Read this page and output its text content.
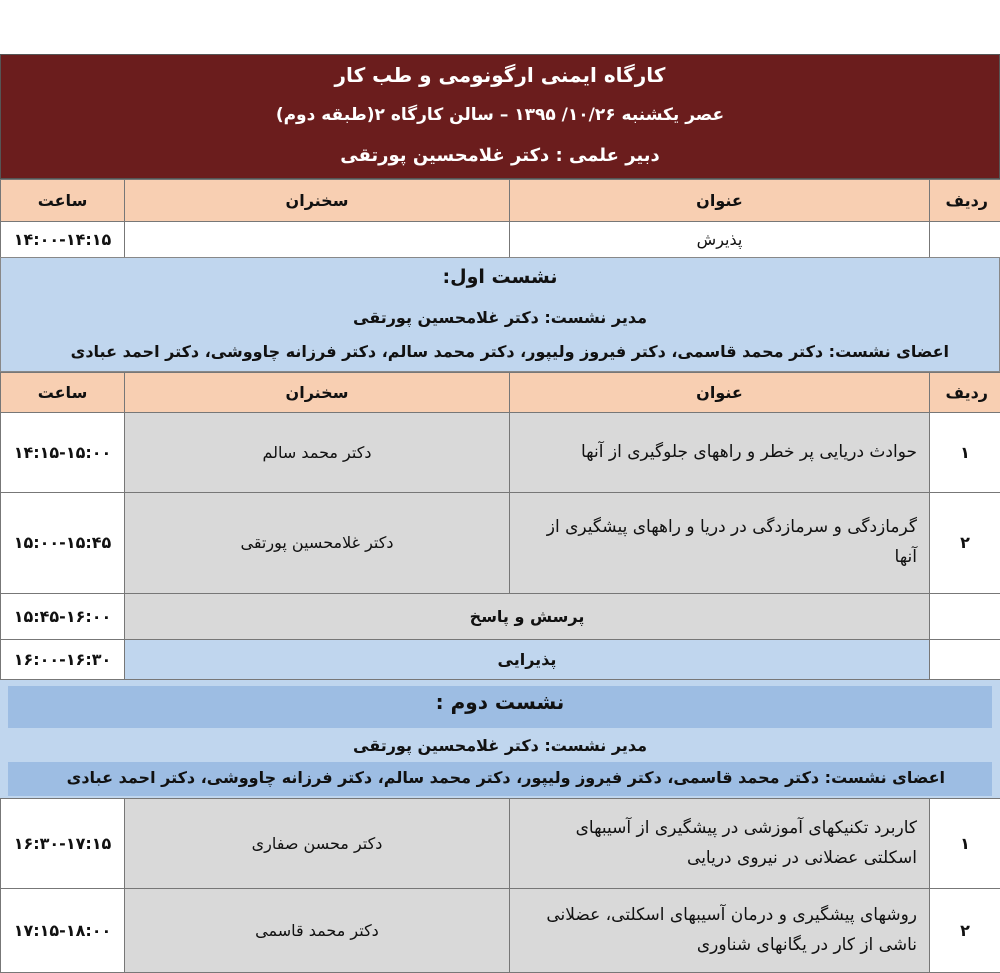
کارگاه ایمنی ارگونومی و طب کار
عصر یکشنبه ۱۰/۲۶/ ۱۳۹۵ – سالن کارگاه ۲(طبقه دوم)
دبیر علمی : دکتر غلامحسین پورتقی
ردیف	عنوان	سخنران	ساعت
	پذیرش		۱۴:۰۰-۱۴:۱۵
نشست اول:
مدیر نشست: دکتر غلامحسین پورتقی
اعضای نشست: دکتر محمد قاسمی، دکتر فیروز ولیپور، دکتر محمد سالم، دکتر فرزانه چاووشی، دکتر احمد عبادی
ردیف	عنوان	سخنران	ساعت
۱	حوادث دریایی پر خطر و راههای جلوگیری از آنها	دکتر محمد سالم	۱۴:۱۵-۱۵:۰۰
۲	گرمازدگی و سرمازدگی در دریا و راههای پیشگیری از آنها	دکتر غلامحسین پورتقی	۱۵:۰۰-۱۵:۴۵
	پرسش و پاسخ		۱۵:۴۵-۱۶:۰۰
	پذیرایی		۱۶:۰۰-۱۶:۳۰
نشست دوم :
مدیر نشست: دکتر غلامحسین پورتقی
اعضای نشست: دکتر محمد قاسمی، دکتر فیروز ولیپور، دکتر محمد سالم، دکتر فرزانه چاووشی، دکتر احمد عبادی
۱	کاربرد تکنیکهای آموزشی در پیشگیری از آسیبهای اسکلتی عضلانی در نیروی دریایی	دکتر محسن صفاری	۱۶:۳۰-۱۷:۱۵
۲	روشهای پیشگیری و درمان آسیبهای اسکلتی، عضلانی ناشی از کار در یگانهای شناوری	دکتر محمد قاسمی	۱۷:۱۵-۱۸:۰۰
